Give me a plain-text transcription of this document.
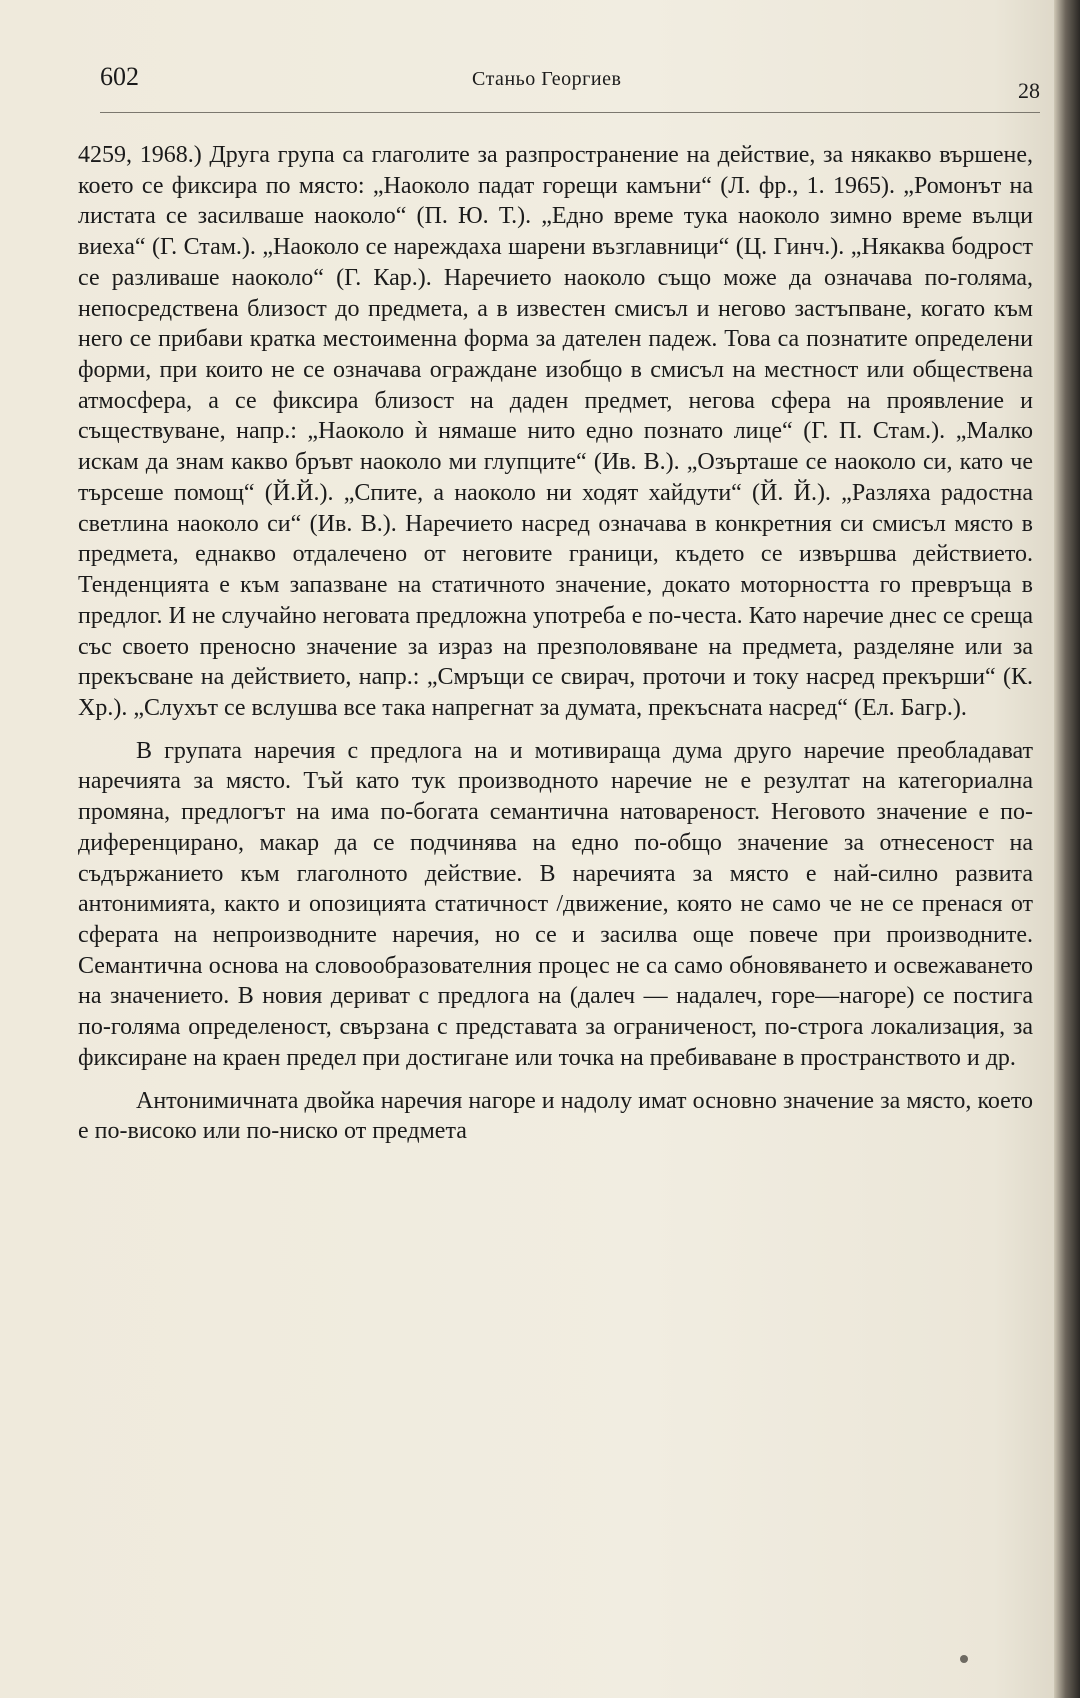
602	Станьо Георгиев	28

4259, 1968.) Друга група са глаголите за разпространение на действие, за някакво вършене, което се фиксира по място: „Наоколо падат горещи камъни“ (Л. фр., 1. 1965). „Ромонът на листата се засилваше наоколо“ (П. Ю. Т.). „Едно време тука наоколо зимно време вълци виеха“ (Г. Стам.). „Наоколо се нареждаха шарени възглавници“ (Ц. Гинч.). „Някаква бодрост се разливаше наоколо“ (Г. Кар.). Наречието наоколо също може да означава по-голяма, непосредствена близост до предмета, а в известен смисъл и негово застъпване, когато към него се прибави кратка местоименна форма за дателен падеж. Това са познатите определени форми, при които не се означава ограждане изобщо в смисъл на местност или обществена атмосфера, а се фиксира близост на даден предмет, негова сфера на проявление и съществуване, напр.: „Наоколо ѝ нямаше нито едно познато лице“ (Г. П. Стам.). „Малко искам да знам какво бръвт наоколо ми глупците“ (Ив. В.). „Озърташе се наоколо си, като че търсеше помощ“ (Й.Й.). „Спите, а наоколо ни ходят хайдути“ (Й. Й.). „Разляха радостна светлина наоколо си“ (Ив. В.). Наречието насред означава в конкретния си смисъл място в предмета, еднакво отдалечено от неговите граници, където се извършва действието. Тенденцията е към запазване на статичното значение, докато моторността го превръща в предлог. И не случайно неговата предложна употреба е по-честа. Като наречие днес се среща със своето преносно значение за израз на презполовяване на предмета, разделяне или за прекъсване на действието, напр.: „Смръщи се свирач, проточи и току насред прекърши“ (К. Хр.). „Слухът се вслушва все така напрегнат за думата, прекъсната насред“ (Ел. Багр.).

В групата наречия с предлога на и мотивираща дума друго наречие преобладават наречията за място. Тъй като тук производното наречие не е резултат на категориална промяна, предлогът на има по-богата семантична натовареност. Неговото значение е по-диференцирано, макар да се подчинява на едно по-общо значение за отнесеност на съдържанието към глаголното действие. В наречията за място е най-силно развита антонимията, както и опозицията статичност /движение, която не само че не се пренася от сферата на непроизводните наречия, но се и засилва още повече при производните. Семантична основа на словообразователния процес не са само обновяването и освежаването на значението. В новия дериват с предлога на (далеч — надалеч, горе—нагоре) се постига по-голяма определеност, свързана с представата за ограниченост, по-строга локализация, за фиксиране на краен предел при достигане или точка на пребиваване в пространството и др.

Антонимичната двойка наречия нагоре и надолу имат основно значение за място, което е по-високо или по-ниско от предмета
